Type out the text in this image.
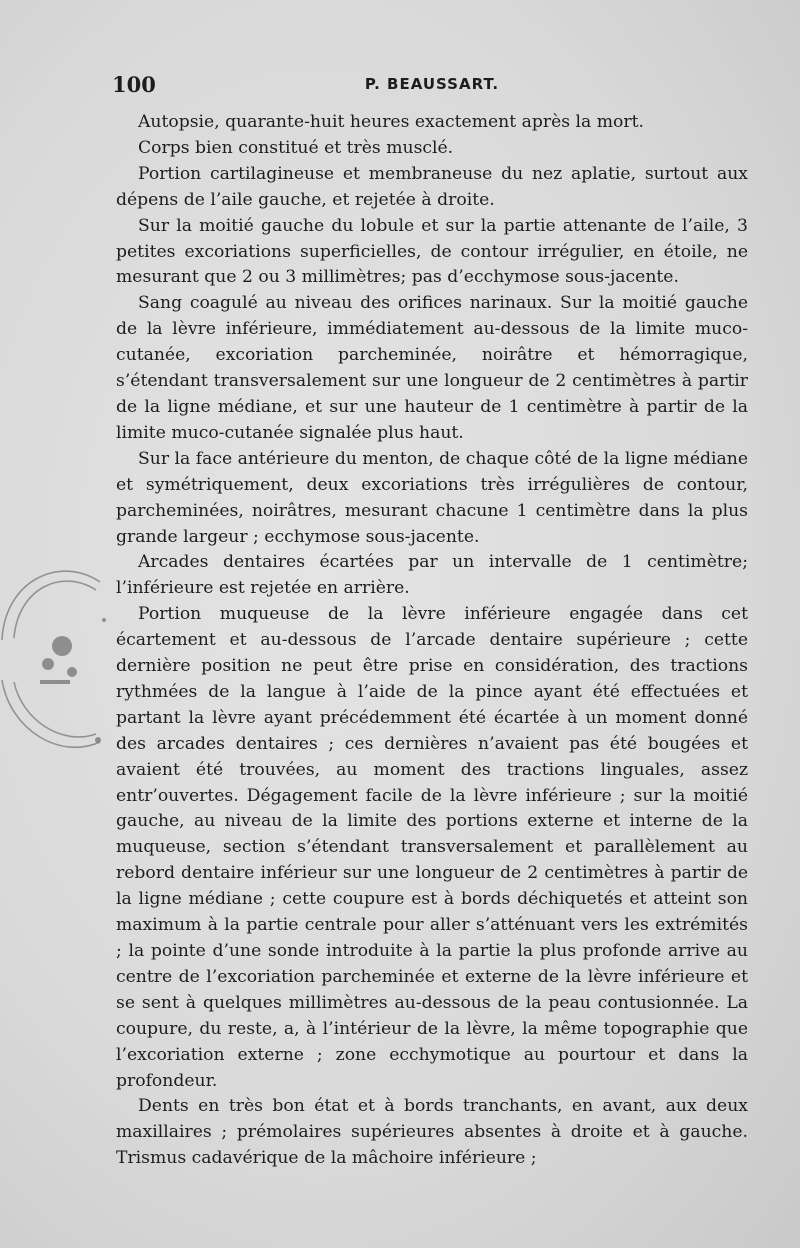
100	P. BEAUSSART.

Autopsie, quarante-huit heures exactement après la mort.

Corps bien constitué et très musclé.

Portion cartilagineuse et membraneuse du nez aplatie, surtout aux dépens de l’aile gauche, et rejetée à droite.

Sur la moitié gauche du lobule et sur la partie attenante de l’aile, 3 petites excoriations superficielles, de contour irrégulier, en étoile, ne mesurant que 2 ou 3 millimètres; pas d’ecchymose sous-jacente.

Sang coagulé au niveau des orifices narinaux. Sur la moitié gauche de la lèvre inférieure, immédiatement au-dessous de la limite muco-cutanée, excoriation parcheminée, noirâtre et hémorragique, s’étendant transversalement sur une longueur de 2 centimètres à partir de la ligne médiane, et sur une hauteur de 1 centimètre à partir de la limite muco-cutanée signalée plus haut.

Sur la face antérieure du menton, de chaque côté de la ligne médiane et symétriquement, deux excoriations très irrégulières de contour, parcheminées, noirâtres, mesurant chacune 1 centimètre dans la plus grande largeur ; ecchymose sous-jacente.

Arcades dentaires écartées par un intervalle de 1 centimètre; l’inférieure est rejetée en arrière.

Portion muqueuse de la lèvre inférieure engagée dans cet écartement et au-dessous de l’arcade dentaire supérieure ; cette dernière position ne peut être prise en considération, des tractions rythmées de la langue à l’aide de la pince ayant été effectuées et partant la lèvre ayant précédemment été écartée à un moment donné des arcades dentaires ; ces dernières n’avaient pas été bougées et avaient été trouvées, au moment des tractions linguales, assez entr’ouvertes. Dégagement facile de la lèvre inférieure ; sur la moitié gauche, au niveau de la limite des portions externe et interne de la muqueuse, section s’étendant transversalement et parallèlement au rebord dentaire inférieur sur une longueur de 2 centimètres à partir de la ligne médiane ; cette coupure est à bords déchiquetés et atteint son maximum à la partie centrale pour aller s’atténuant vers les extrémités ; la pointe d’une sonde introduite à la partie la plus profonde arrive au centre de l’excoriation parcheminée et externe de la lèvre inférieure et se sent à quelques millimètres au-dessous de la peau contusionnée. La coupure, du reste, a, à l’intérieur de la lèvre, la même topographie que l’excoriation externe ; zone ecchymotique au pourtour et dans la profondeur.

Dents en très bon état et à bords tranchants, en avant, aux deux maxillaires ; prémolaires supérieures absentes à droite et à gauche. Trismus cadavérique de la mâchoire inférieure ;
